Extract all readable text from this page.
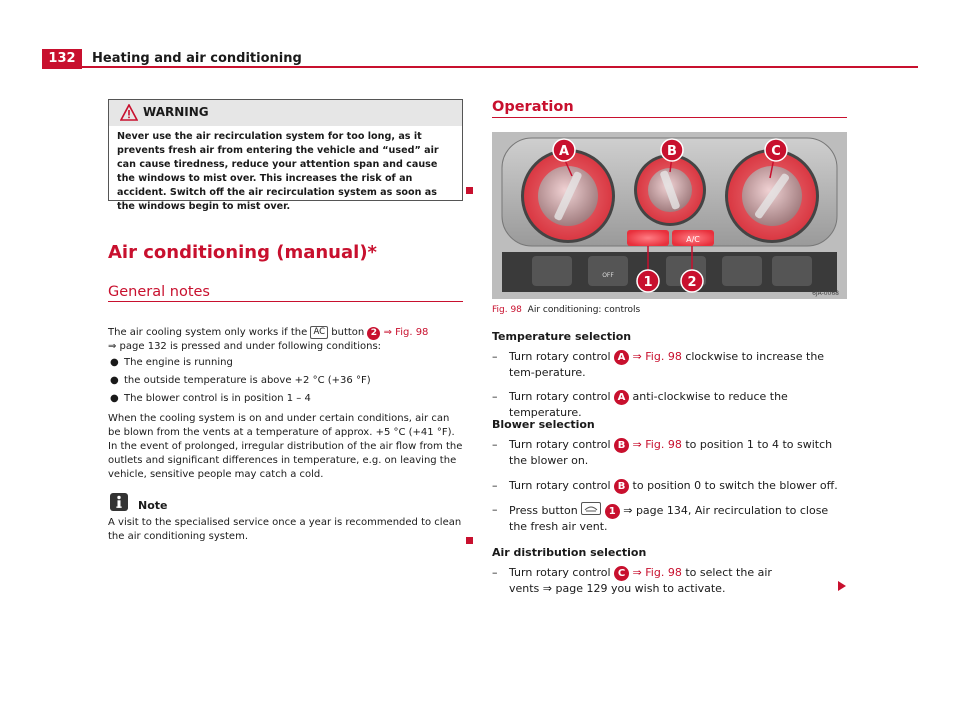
132	Heating and air conditioning
WARNING
Never use the air recirculation system for too long, as it prevents fresh air from entering the vehicle and “used” air can cause tiredness, reduce your attention span and cause the windows to mist over. This increases the risk of an accident. Switch off the air recirculation system as soon as the windows begin to mist over.
Air conditioning (manual)*
General notes
The air cooling system only works if the AC button 2 ⇒ Fig. 98
⇒ page 132 is pressed and under following conditions:
● The engine is running
● the outside temperature is above +2 °C (+36 °F)
● The blower control is in position 1 – 4
When the cooling system is on and under certain conditions, air can be blown from the vents at a temperature of approx. +5 °C (+41 °F). In the event of prolonged, irregular distribution of the air flow from the outlets and significant differences in temperature, e.g. on leaving the vehicle, sensitive people may catch a cold.
Note
A visit to the specialised service once a year is recommended to clean the air conditioning system.
Operation
A/C
OFF
A	B	C
1	2
6JA-0068
Fig. 98 Air conditioning: controls
Temperature selection
– Turn rotary control A ⇒ Fig. 98 clockwise to increase the tem-perature.
– Turn rotary control A anti-clockwise to reduce the temperature.
Blower selection
– Turn rotary control B ⇒ Fig. 98 to position 1 to 4 to switch the blower on.
– Turn rotary control B to position 0 to switch the blower off.
– Press button	1 ⇒ page 134, Air recirculation to close the fresh air vent.
Air distribution selection
– Turn rotary control C ⇒ Fig. 98 to select the air vents ⇒ page 129 you wish to activate.
